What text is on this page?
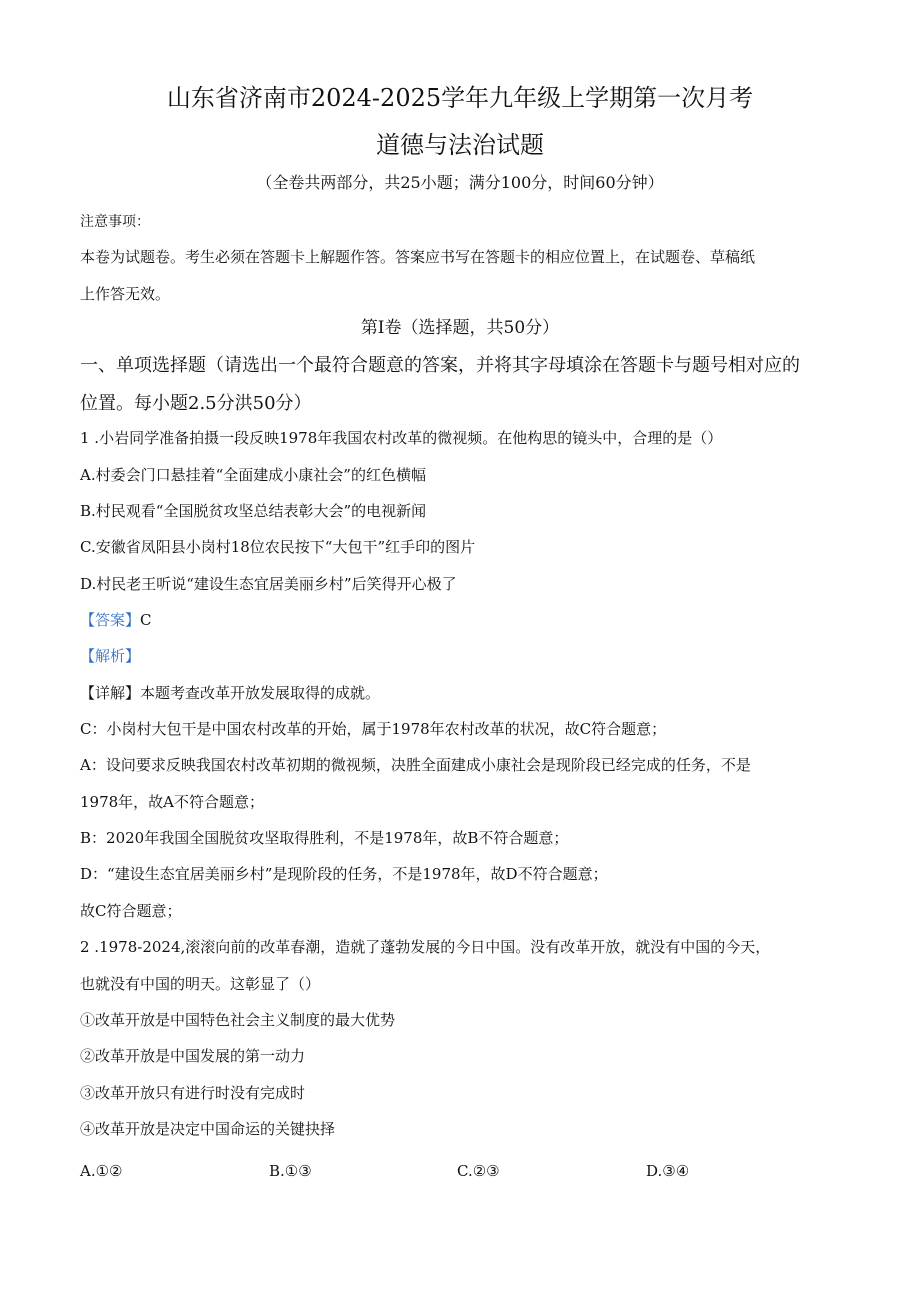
山东省济南市2024-2025学年九年级上学期第一次月考
道德与法治试题
（全卷共两部分，共25小题；满分100分，时间60分钟）
注意事项：
本卷为试题卷。考生必须在答题卡上解题作答。答案应书写在答题卡的相应位置上，在试题卷、草稿纸
上作答无效。
第I卷（选择题，共50分）
一、单项选择题（请选出一个最符合题意的答案，并将其字母填涂在答题卡与题号相对应的
位置。每小题2.5分洪50分）
1 .小岩同学准备拍摄一段反映1978年我国农村改革的微视频。在他构思的镜头中，合理的是（）
A.村委会门口悬挂着“全面建成小康社会”的红色横幅
B.村民观看“全国脱贫攻坚总结表彰大会”的电视新闻
C.安徽省凤阳县小岗村18位农民按下“大包干”红手印的图片
D.村民老王听说“建设生态宜居美丽乡村”后笑得开心极了
【答案】C
【解析】
【详解】本题考查改革开放发展取得的成就。
C：小岗村大包干是中国农村改革的开始，属于1978年农村改革的状况，故C符合题意；
A：设问要求反映我国农村改革初期的微视频，决胜全面建成小康社会是现阶段已经完成的任务，不是
1978年，故A不符合题意；
B：2020年我国全国脱贫攻坚取得胜利，不是1978年，故B不符合题意；
D：“建设生态宜居美丽乡村”是现阶段的任务，不是1978年，故D不符合题意；
故C符合题意；
2 .1978-2024,滚滚向前的改革春潮，造就了蓬勃发展的今日中国。没有改革开放，就没有中国的今天，
也就没有中国的明天。这彰显了（）
①改革开放是中国特色社会主义制度的最大优势
②改革开放是中国发展的第一动力
③改革开放只有进行时没有完成时
④改革开放是决定中国命运的关键抉择
A.①②	B.①③	C.②③	D.③④
